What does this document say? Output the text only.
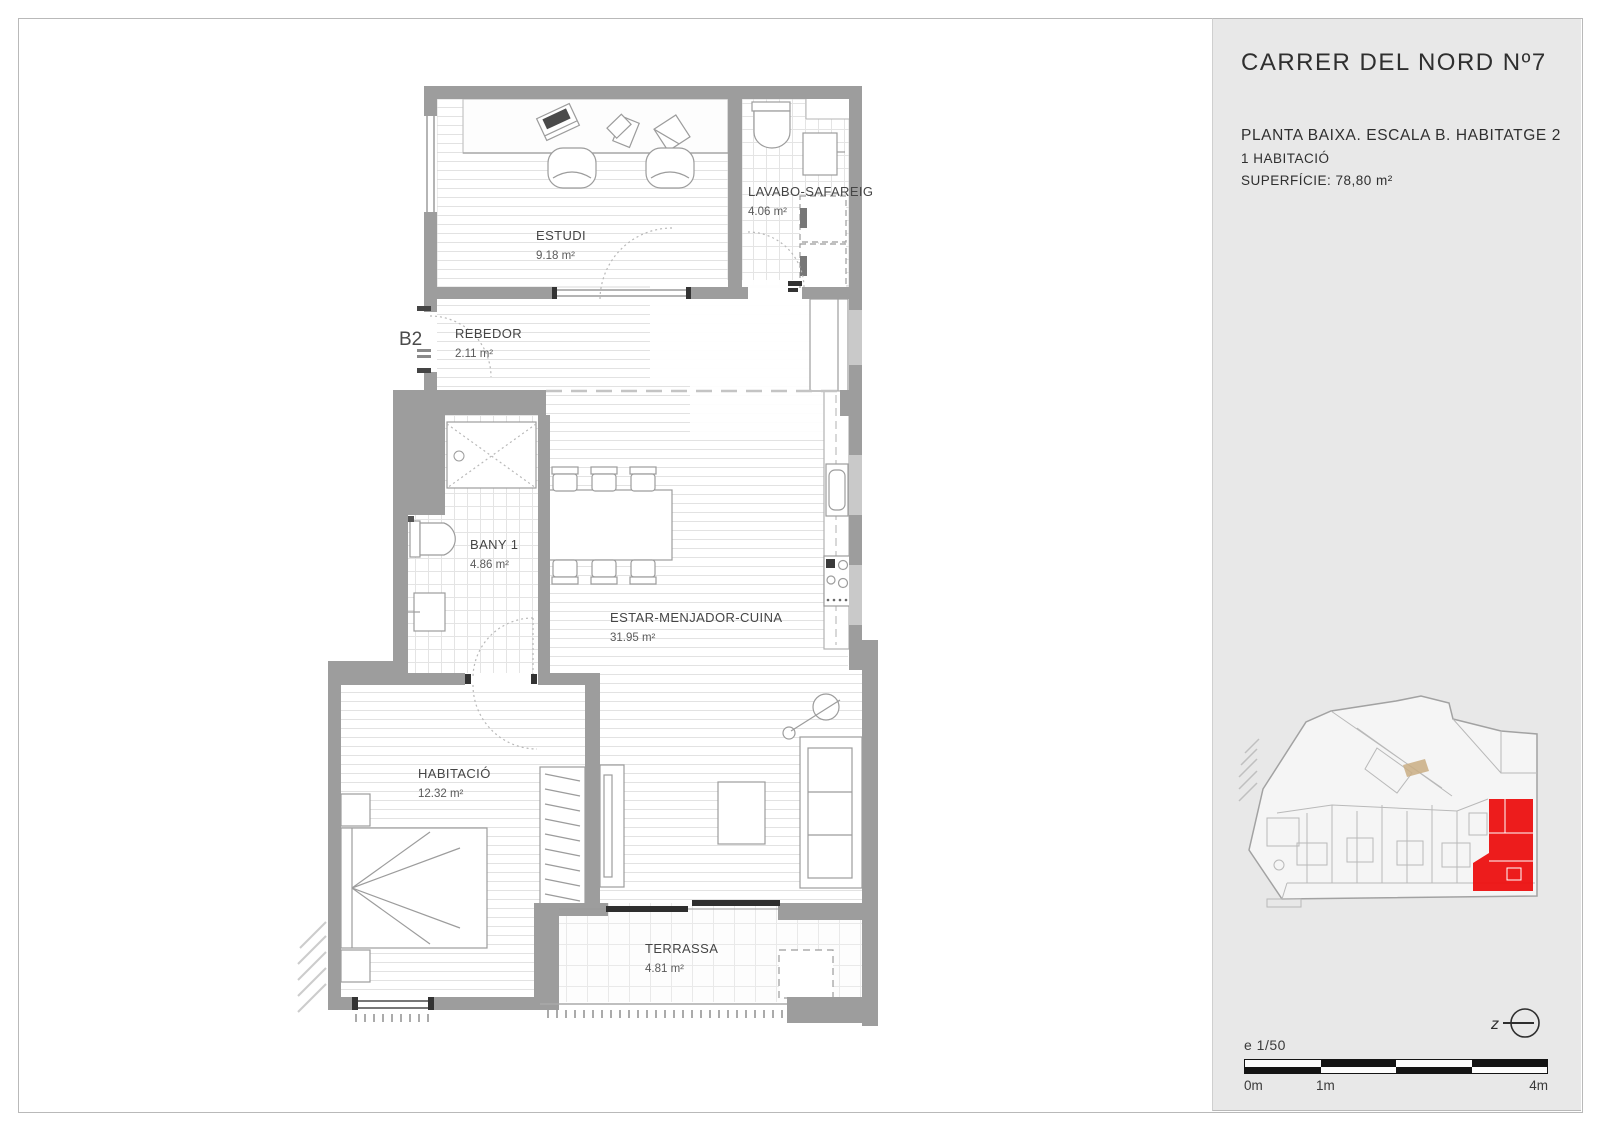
B2
ESTUDI
9.18 m²
LAVABO-SAFAREIG
4.06 m²
REBEDOR
2.11 m²
BANY 1
4.86 m²
ESTAR-MENJADOR-CUINA
31.95 m²
HABITACIÓ
12.32 m²
TERRASSA
4.81 m²
CARRER DEL NORD Nº7
PLANTA BAIXA. ESCALA B. HABITATGE 2
1 HABITACIÓ
SUPERFÍCIE: 78,80 m²
z
e 1/50
0m	1m	4m
